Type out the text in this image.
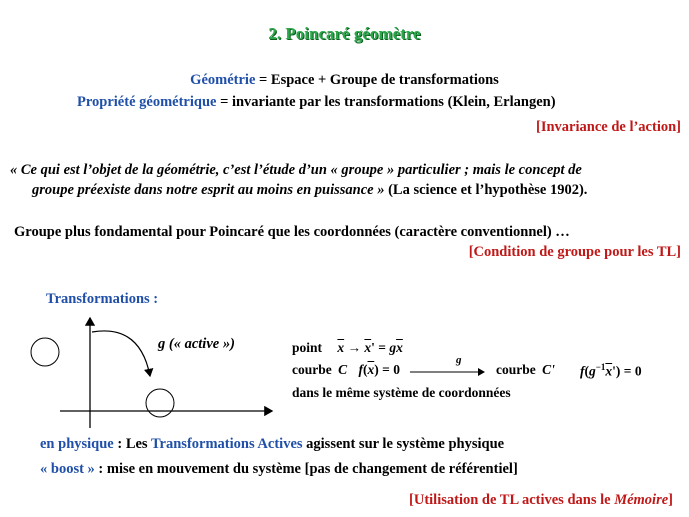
2. Poincaré géomètre
Géométrie = Espace + Groupe de transformations
Propriété géométrique = invariante par les transformations (Klein, Erlangen)
[Invariance de l’action]
« Ce qui est l’objet de la géométrie, c’est l’étude d’un « groupe » particulier ; mais le concept de
groupe préexiste dans notre esprit au moins en puissance » (La science et l’hypothèse 1902).
Groupe plus fondamental pour Poincaré que les coordonnées (caractère conventionnel) …
[Condition de groupe pour les TL]
Transformations :
g (« active »)	point $\overline{x} \to \overline{x}' = g\overline{x}$
courbe C $f(\overline{x}) = 0$
g
courbe C' $f(g^{-1}\overline{x}') = 0$
dans le même système de coordonnées
en physique : Les Transformations Actives agissent sur le système physique
« boost » : mise en mouvement du système [pas de changement de référentiel]
[Utilisation de TL actives dans le Mémoire]
